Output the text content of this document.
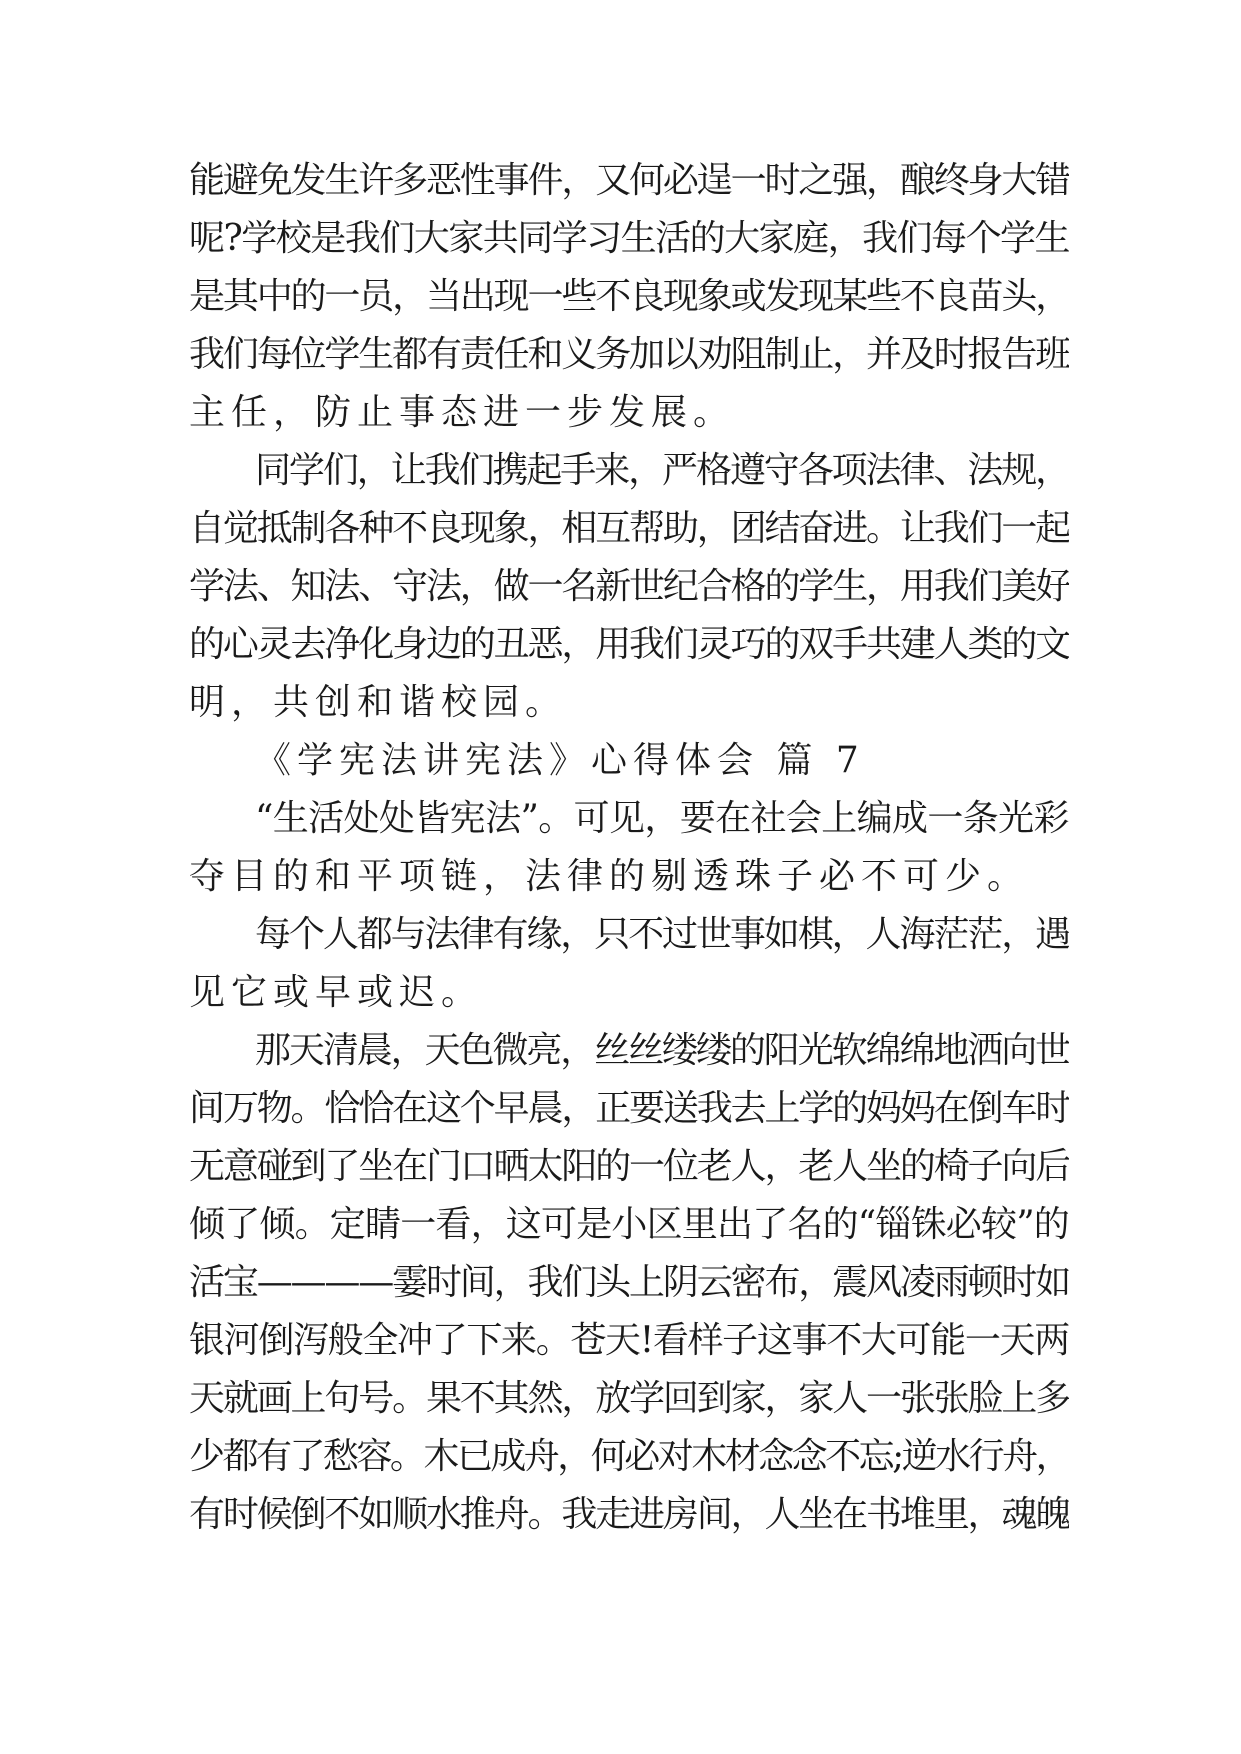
能避免发生许多恶性事件，又何必逞一时之强，酿终身大错
呢?学校是我们大家共同学习生活的大家庭，我们每个学生
是其中的一员，当出现一些不良现象或发现某些不良苗头，
我们每位学生都有责任和义务加以劝阻制止，并及时报告班
主任，防止事态进一步发展。
同学们，让我们携起手来，严格遵守各项法律、法规，
自觉抵制各种不良现象，相互帮助，团结奋进。让我们一起
学法、知法、守法，做一名新世纪合格的学生，用我们美好
的心灵去净化身边的丑恶，用我们灵巧的双手共建人类的文
明，共创和谐校园。
《学宪法讲宪法》心得体会 篇 7
“生活处处皆宪法”。可见，要在社会上编成一条光彩
夺目的和平项链，法律的剔透珠子必不可少。
每个人都与法律有缘，只不过世事如棋，人海茫茫，遇
见它或早或迟。
那天清晨，天色微亮，丝丝缕缕的阳光软绵绵地洒向世
间万物。恰恰在这个早晨，正要送我去上学的妈妈在倒车时
无意碰到了坐在门口晒太阳的一位老人，老人坐的椅子向后
倾了倾。定睛一看，这可是小区里出了名的“锱铢必较”的
活宝————霎时间，我们头上阴云密布，震风凌雨顿时如
银河倒泻般全冲了下来。苍天!看样子这事不大可能一天两
天就画上句号。果不其然，放学回到家，家人一张张脸上多
少都有了愁容。木已成舟，何必对木材念念不忘;逆水行舟，
有时候倒不如顺水推舟。我走进房间，人坐在书堆里，魂魄
